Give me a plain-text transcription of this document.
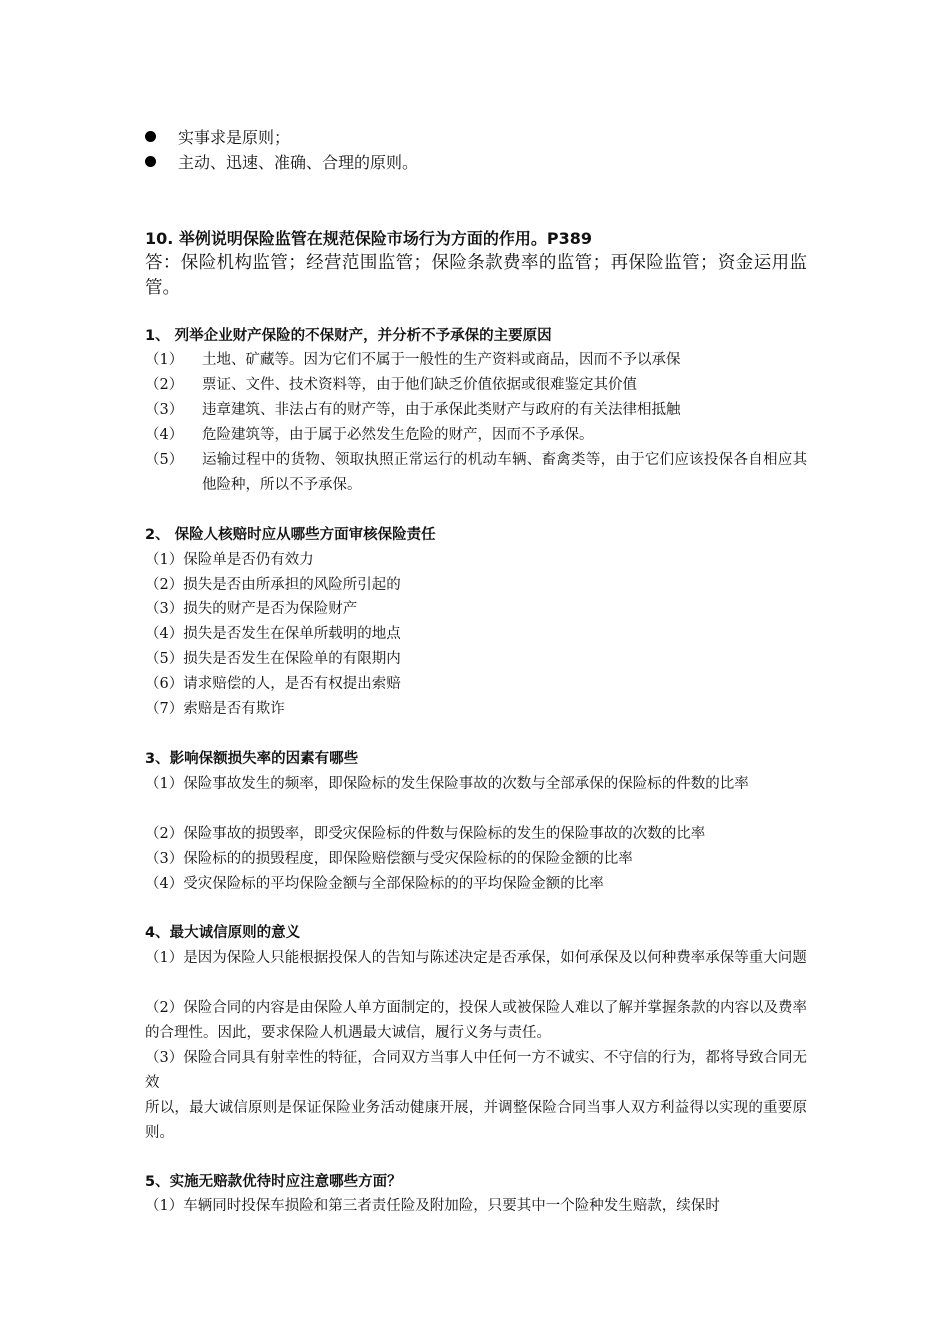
实事求是原则；
主动、迅速、准确、合理的原则。
10. 举例说明保险监管在规范保险市场行为方面的作用。P389

答：保险机构监管；经营范围监管；保险条款费率的监管；再保险监管；资金运用监管。

1、 列举企业财产保险的不保财产，并分析不予承保的主要原因
（1） 土地、矿藏等。因为它们不属于一般性的生产资料或商品，因而不予以承保
（2） 票证、文件、技术资料等，由于他们缺乏价值依据或很难鉴定其价值
（3） 违章建筑、非法占有的财产等，由于承保此类财产与政府的有关法律相抵触
（4） 危险建筑等，由于属于必然发生危险的财产，因而不予承保。
（5） 运输过程中的货物、领取执照正常运行的机动车辆、畜禽类等，由于它们应该投保各自相应其他险种，所以不予承保。
2、 保险人核赔时应从哪些方面审核保险责任
（1）保险单是否仍有效力
（2）损失是否由所承担的风险所引起的
（3）损失的财产是否为保险财产
（4）损失是否发生在保单所载明的地点
（5）损失是否发生在保险单的有限期内
（6）请求赔偿的人，是否有权提出索赔
（7）索赔是否有欺诈
3、影响保额损失率的因素有哪些

（1）保险事故发生的频率，即保险标的发生保险事故的次数与全部承保的保险标的件数的比率

（2）保险事故的损毁率，即受灾保险标的件数与保险标的发生的保险事故的次数的比率

（3）保险标的的损毁程度，即保险赔偿额与受灾保险标的的保险金额的比率

（4）受灾保险标的平均保险金额与全部保险标的的平均保险金额的比率

4、最大诚信原则的意义

（1）是因为保险人只能根据投保人的告知与陈述决定是否承保，如何承保及以何种费率承保等重大问题

（2）保险合同的内容是由保险人单方面制定的，投保人或被保险人难以了解并掌握条款的内容以及费率的合理性。因此，要求保险人机遇最大诚信，履行义务与责任。

（3）保险合同具有射幸性的特征，合同双方当事人中任何一方不诚实、不守信的行为，都将导致合同无效

所以，最大诚信原则是保证保险业务活动健康开展，并调整保险合同当事人双方利益得以实现的重要原则。

5、实施无赔款优待时应注意哪些方面？
（1）车辆同时投保车损险和第三者责任险及附加险，只要其中一个险种发生赔款，续保时
